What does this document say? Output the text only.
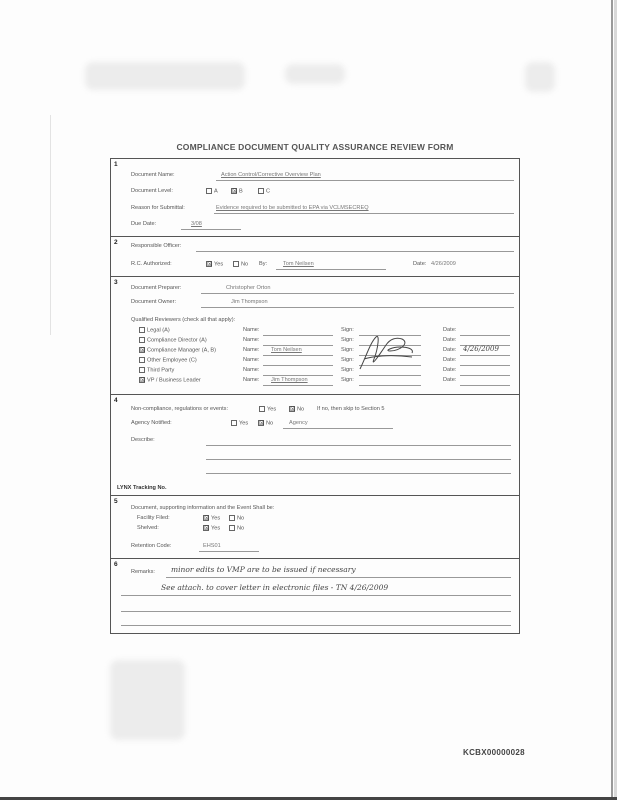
COMPLIANCE DOCUMENT QUALITY ASSURANCE REVIEW FORM
1
Document Name:	Action Control/Corrective Overview Plan
Document Level:	A ☒ B	C
Reason for Submittal:	Evidence required to be submitted to EPA via VCLMSECREQ
Due Date:	3/08
2 Responsible Officer:
R.C. Authorized:	☒ Yes	No By:	Tom Neilsen	Date: 4/26/2009
3
Document Preparer:	Christopher Orton
Document Owner:	Jim Thompson
Qualified Reviewers (check all that apply):
Legal (A)	Name:	Sign:	Date:
Compliance Director (A)	Name:	Sign:	Date:
☒ Compliance Manager (A, B)	Name: Tom Neilsen	Sign:	Date: 4/26/2009
Other Employee (C)	Name:	Sign:	Date:
Third Party	Name:	Sign:	Date:
☒ VP / Business Leader	Name: Jim Thompson	Sign:	Date:
4
Non-compliance, regulations or events:	Yes ☒ No If no, then skip to Section 5
Agency Notified:	Yes ☒ No	Agency
Describe:
LYNX Tracking No.
5
Document, supporting information and the Event Shall be:
Facility Filed:	☒ Yes	No
Shelved:	☒ Yes	No
Retention Code:	EHS01
6
Remarks: minor edits to VMP are to be issued if necessary
See attach. to cover letter in electronic files - TN 4/26/2009
KCBX00000028
